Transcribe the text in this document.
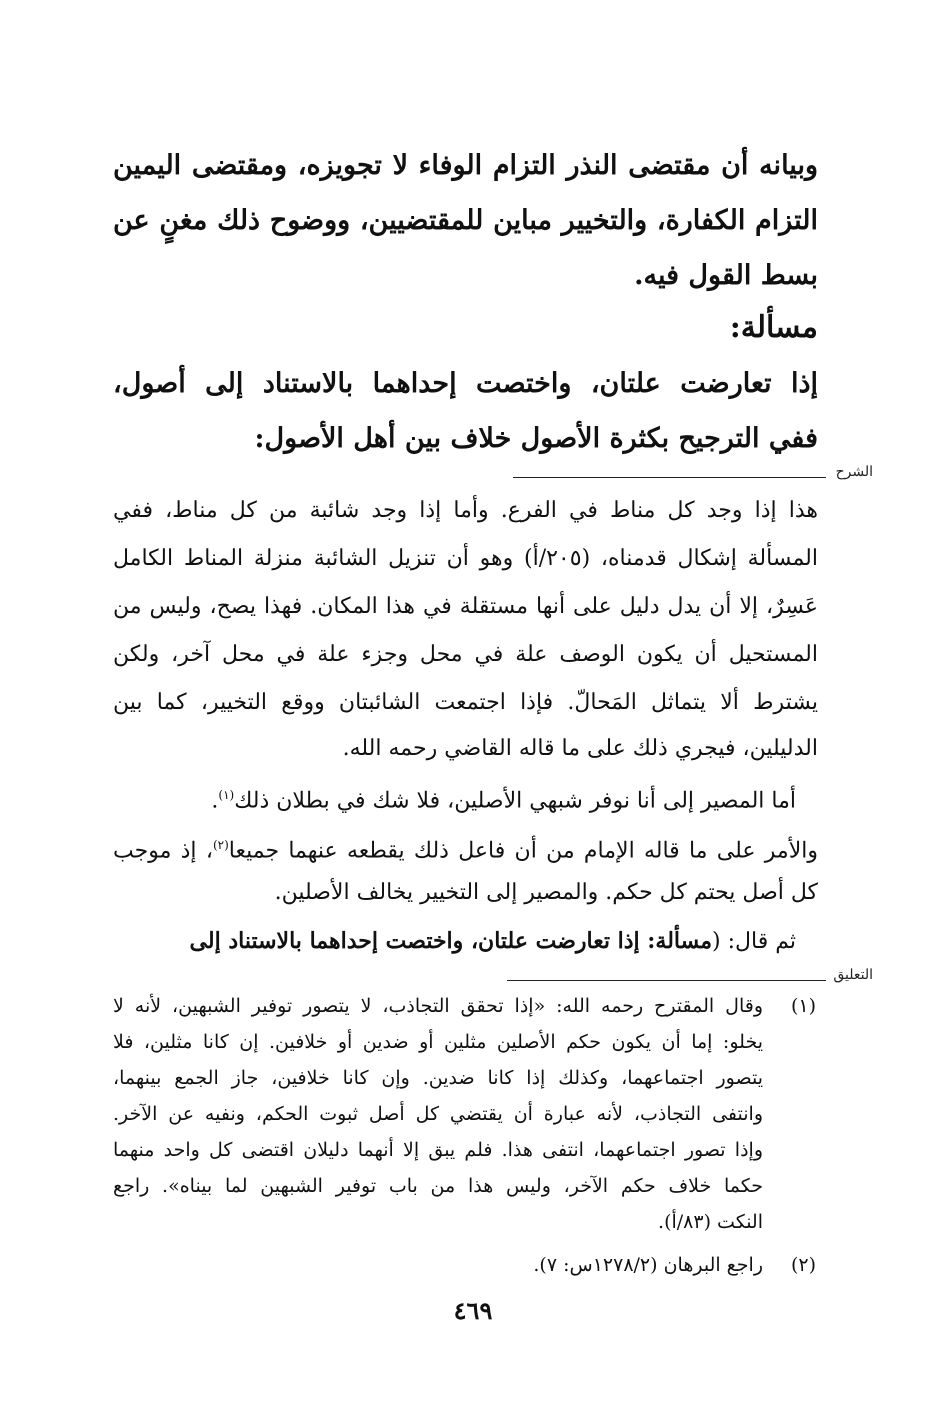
وبيانه أن مقتضى النذر التزام الوفاء لا تجويزه، ومقتضى اليمين
التزام الكفارة، والتخيير مباين للمقتضيين، ووضوح ذلك مغنٍ عن
بسط القول فيه.
مسألة:
إذا تعارضت علتان، واختصت إحداهما بالاستناد إلى أصول،
ففي الترجيح بكثرة الأصول خلاف بين أهل الأصول:
الشرح
هذا إذا وجد كل مناط في الفرع. وأما إذا وجد شائبة من كل مناط، ففي
المسألة إشكال قدمناه، (٢٠٥/أ) وهو أن تنزيل الشائبة منزلة المناط الكامل
عَسِرٌ، إلا أن يدل دليل على أنها مستقلة في هذا المكان. فهذا يصح، وليس من
المستحيل أن يكون الوصف علة في محل وجزء علة في محل آخر، ولكن
يشترط ألا يتماثل المَحالّ. فإذا اجتمعت الشائبتان ووقع التخيير، كما بين
الدليلين، فيجري ذلك على ما قاله القاضي رحمه الله.
أما المصير إلى أنا نوفر شبهي الأصلين، فلا شك في بطلان ذلك$^{(١)}$.
والأمر على ما قاله الإمام من أن فاعل ذلك يقطعه عنهما جميعا$^{(٢)}$، إذ موجب
كل أصل يحتم كل حكم. والمصير إلى التخيير يخالف الأصلين.
ثم قال: (مسألة: إذا تعارضت علتان، واختصت إحداهما بالاستناد إلى
التعليق
(١)
وقال المقترح رحمه الله: «إذا تحقق التجاذب، لا يتصور توفير الشبهين، لأنه لا
يخلو: إما أن يكون حكم الأصلين مثلين أو ضدين أو خلافين. إن كانا مثلين، فلا
يتصور اجتماعهما، وكذلك إذا كانا ضدين. وإن كانا خلافين، جاز الجمع بينهما،
وانتفى التجاذب، لأنه عبارة أن يقتضي كل أصل ثبوت الحكم، ونفيه عن الآخر.
وإذا تصور اجتماعهما، انتفى هذا. فلم يبق إلا أنهما دليلان اقتضى كل واحد منهما
حكما خلاف حكم الآخر، وليس هذا من باب توفير الشبهين لما بيناه». راجع
النكت (٨٣/أ).
(٢)
راجع البرهان (١٢٧٨/٢س: ٧).
٤٦٩
